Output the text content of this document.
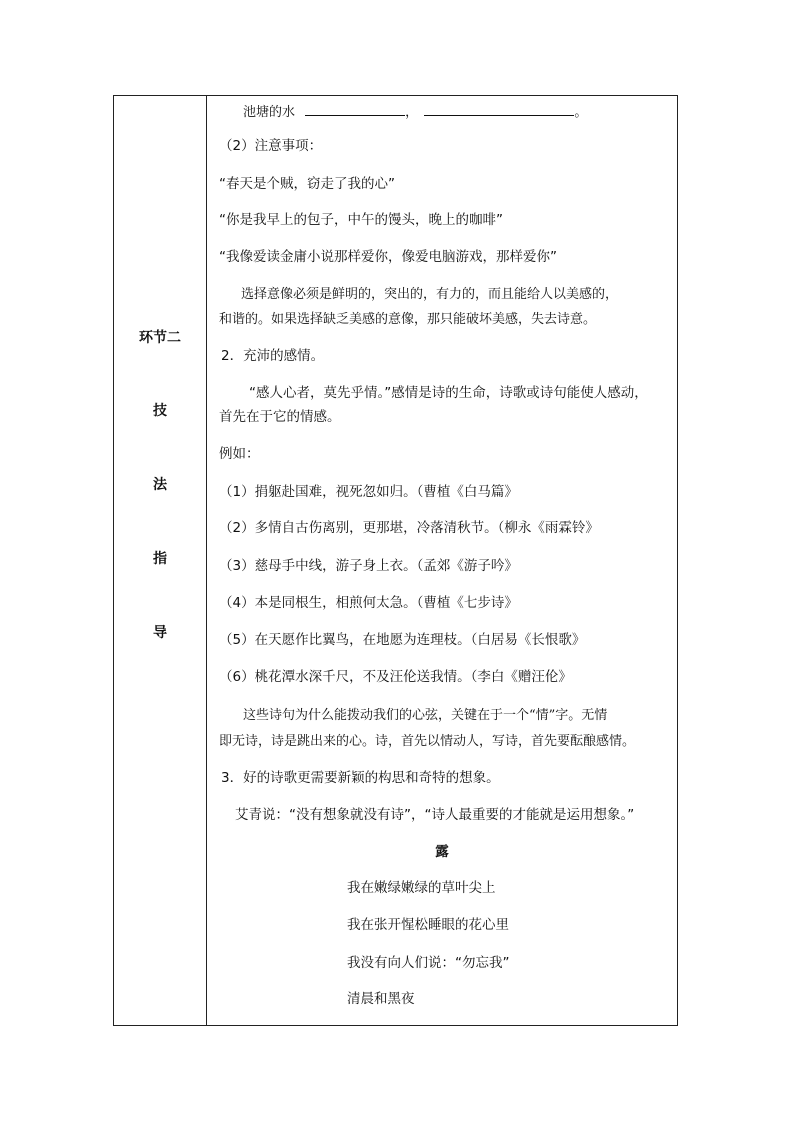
环节二
技
法
指
导

池塘的水	，	。
（2）注意事项：
“春天是个贼，窃走了我的心”
“你是我早上的包子，中午的馒头，晚上的咖啡”
“我像爱读金庸小说那样爱你，像爱电脑游戏，那样爱你”
选择意像必须是鲜明的，突出的，有力的，而且能给人以美感的，
和谐的。如果选择缺乏美感的意像，那只能破坏美感，失去诗意。
2．充沛的感情。
“感人心者，莫先乎情。”感情是诗的生命，诗歌或诗句能使人感动，
首先在于它的情感。
例如：
（1）捐躯赴国难，视死忽如归。（曹植《白马篇》
（2）多情自古伤离别，更那堪，冷落清秋节。（柳永《雨霖铃》
（3）慈母手中线，游子身上衣。（孟郊《游子吟》
（4）本是同根生，相煎何太急。（曹植《七步诗》
（5）在天愿作比翼鸟，在地愿为连理枝。（白居易《长恨歌》
（6）桃花潭水深千尺，不及汪伦送我情。（李白《赠汪伦》
这些诗句为什么能拨动我们的心弦，关键在于一个“情”字。无情
即无诗，诗是跳出来的心。诗，首先以情动人，写诗，首先要酝酿感情。
3．好的诗歌更需要新颖的构思和奇特的想象。
艾青说：“没有想象就没有诗”，“诗人最重要的才能就是运用想象。”
露
我在嫩绿嫩绿的草叶尖上
我在张开惺松睡眼的花心里
我没有向人们说：“勿忘我”
清晨和黑夜
